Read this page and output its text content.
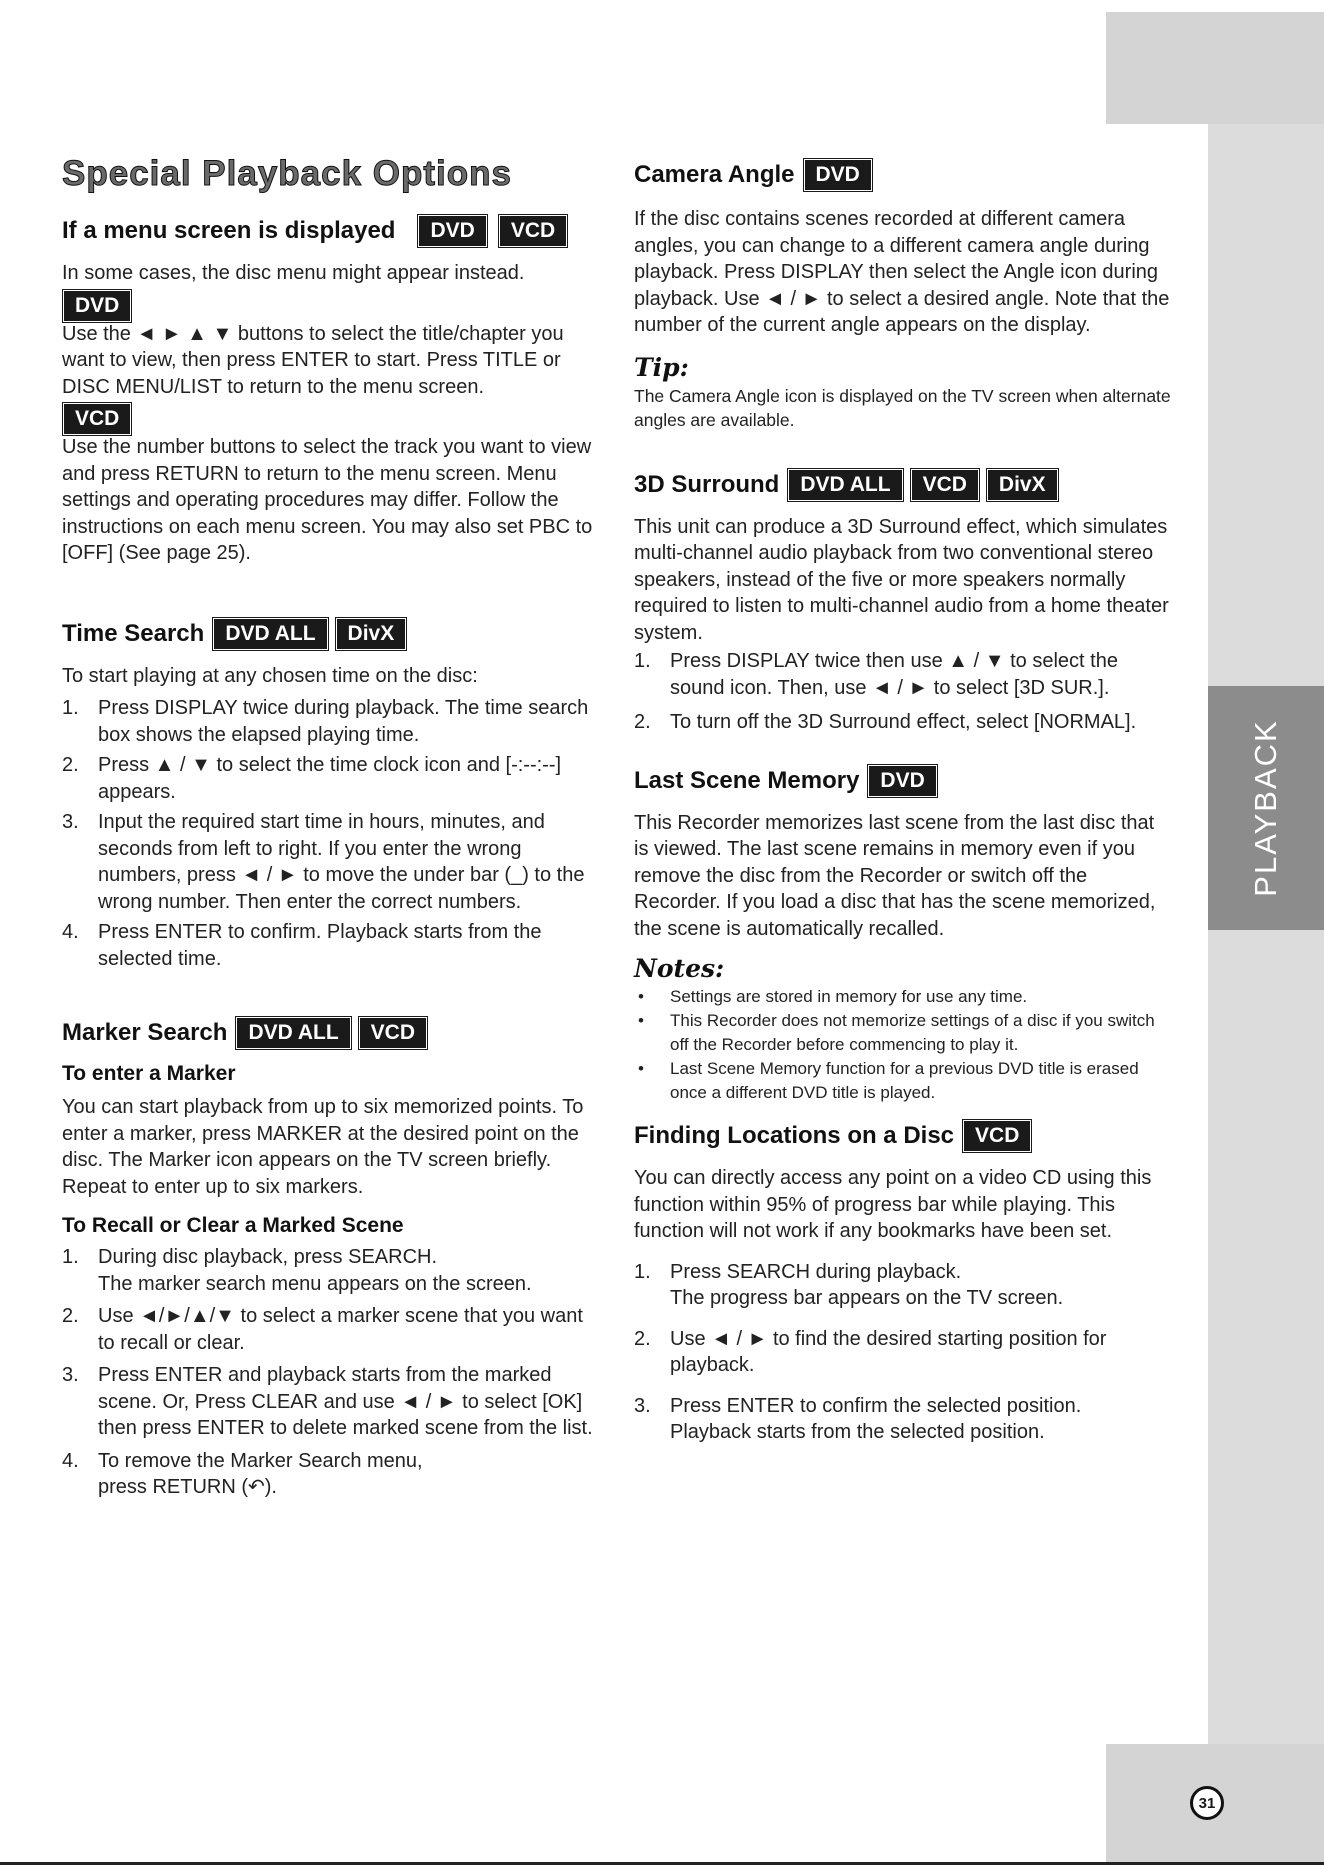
PLAYBACK
31
Special Playback Options
If a menu screen is displayed	DVD	VCD

In some cases, the disc menu might appear instead.

DVD

Use the ◄ ► ▲ ▼ buttons to select the title/chapter you want to view, then press ENTER to start. Press TITLE or DISC MENU/LIST to return to the menu screen.

VCD

Use the number buttons to select the track you want to view and press RETURN to return to the menu screen. Menu settings and operating procedures may differ. Follow the instructions on each menu screen. You may also set PBC to [OFF] (See page 25).

Time Search	DVD ALL	DivX

To start playing at any chosen time on the disc:

1. Press DISPLAY twice during playback. The time search box shows the elapsed playing time.
2. Press ▲ / ▼ to select the time clock icon and [-:--:--] appears.
3. Input the required start time in hours, minutes, and seconds from left to right. If you enter the wrong numbers, press ◄ / ► to move the under bar (_) to the wrong number. Then enter the correct numbers.
4. Press ENTER to confirm. Playback starts from the selected time.
Marker Search	DVD ALL	VCD
To enter a Marker

You can start playback from up to six memorized points. To enter a marker, press MARKER at the desired point on the disc. The Marker icon appears on the TV screen briefly. Repeat to enter up to six markers.

To Recall or Clear a Marked Scene
1. During disc playback, press SEARCH.
The marker search menu appears on the screen.
2. Use ◄/►/▲/▼ to select a marker scene that you want to recall or clear.
3. Press ENTER and playback starts from the marked scene. Or, Press CLEAR and use ◄ / ► to select [OK] then press ENTER to delete marked scene from the list.
4. To remove the Marker Search menu,
press RETURN (↶).
Camera Angle	DVD

If the disc contains scenes recorded at different camera angles, you can change to a different camera angle during playback. Press DISPLAY then select the Angle icon during playback. Use ◄ / ► to select a desired angle. Note that the number of the current angle appears on the display.

Tip:

The Camera Angle icon is displayed on the TV screen when alternate angles are available.

3D Surround	DVD ALL	VCD	DivX

This unit can produce a 3D Surround effect, which simulates multi-channel audio playback from two conventional stereo speakers, instead of the five or more speakers normally required to listen to multi-channel audio from a home theater system.

1. Press DISPLAY twice then use ▲ / ▼ to select the sound icon. Then, use ◄ / ► to select [3D SUR.].
2. To turn off the 3D Surround effect, select [NORMAL].
Last Scene Memory	DVD

This Recorder memorizes last scene from the last disc that is viewed. The last scene remains in memory even if you remove the disc from the Recorder or switch off the Recorder. If you load a disc that has the scene memorized, the scene is automatically recalled.

Notes:
• Settings are stored in memory for use any time.
• This Recorder does not memorize settings of a disc if you switch off the Recorder before commencing to play it.
• Last Scene Memory function for a previous DVD title is erased once a different DVD title is played.
Finding Locations on a Disc	VCD

You can directly access any point on a video CD using this function within 95% of progress bar while playing. This function will not work if any bookmarks have been set.

1. Press SEARCH during playback.
The progress bar appears on the TV screen.
2. Use ◄ / ► to find the desired starting position for playback.
3. Press ENTER to confirm the selected position.
Playback starts from the selected position.
